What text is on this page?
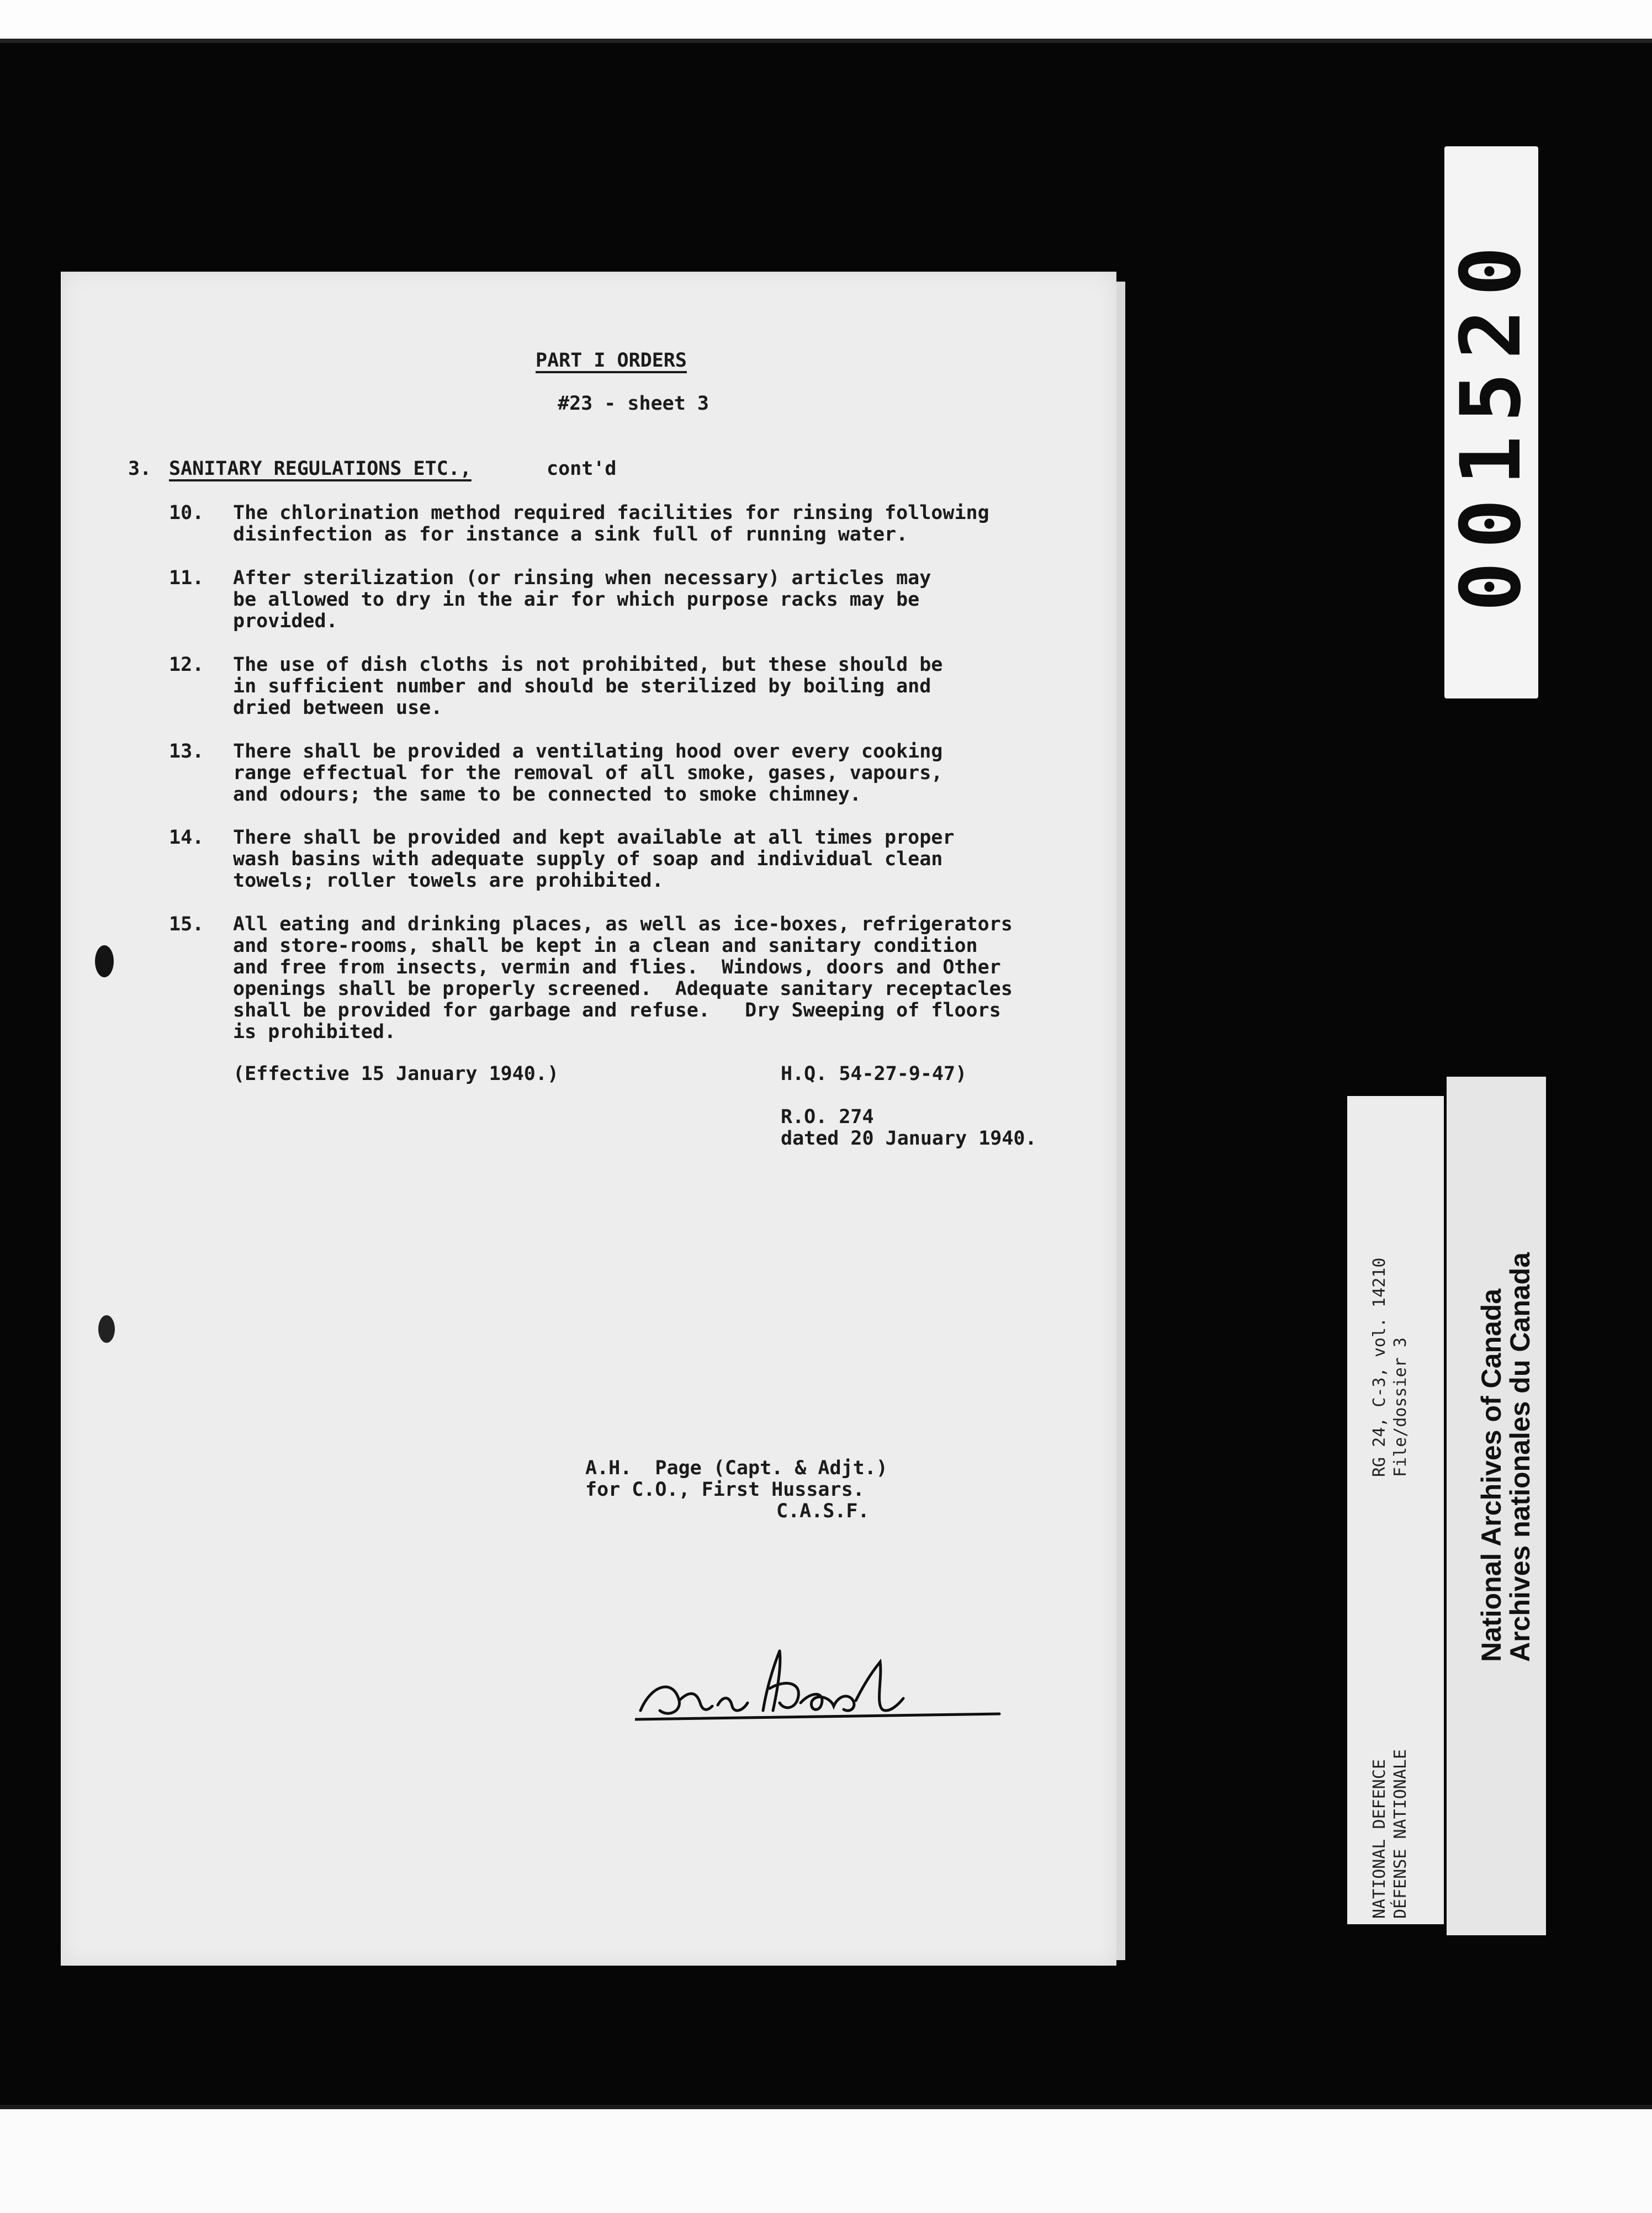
PART I ORDERS
#23 - sheet 3
3. SANITARY REGULATIONS ETC.,	cont'd
10. The chlorination method required facilities for rinsing following
disinfection as for instance a sink full of running water.
11. After sterilization (or rinsing when necessary) articles may
be allowed to dry in the air for which purpose racks may be
provided.
12. The use of dish cloths is not prohibited, but these should be
in sufficient number and should be sterilized by boiling and
dried between use.
13. There shall be provided a ventilating hood over every cooking
range effectual for the removal of all smoke, gases, vapours,
and odours; the same to be connected to smoke chimney.
14. There shall be provided and kept available at all times proper
wash basins with adequate supply of soap and individual clean
towels; roller towels are prohibited.
15. All eating and drinking places, as well as ice-boxes, refrigerators
and store-rooms, shall be kept in a clean and sanitary condition
and free from insects, vermin and flies.  Windows, doors and Other
openings shall be properly screened.  Adequate sanitary receptacles
shall be provided for garbage and refuse.   Dry Sweeping of floors
is prohibited.
(Effective 15 January 1940.)	H.Q. 54-27-9-47)
R.O. 274
dated 20 January 1940.
A.H.  Page (Capt. & Adjt.)
for C.O., First Hussars.
C.A.S.F.
001520
NATIONAL DEFENCE DÉFENSE NATIONALE
RG 24, C-3, vol. 14210 File/dossier 3 National Archives of Canada
Archives nationales du Canada
